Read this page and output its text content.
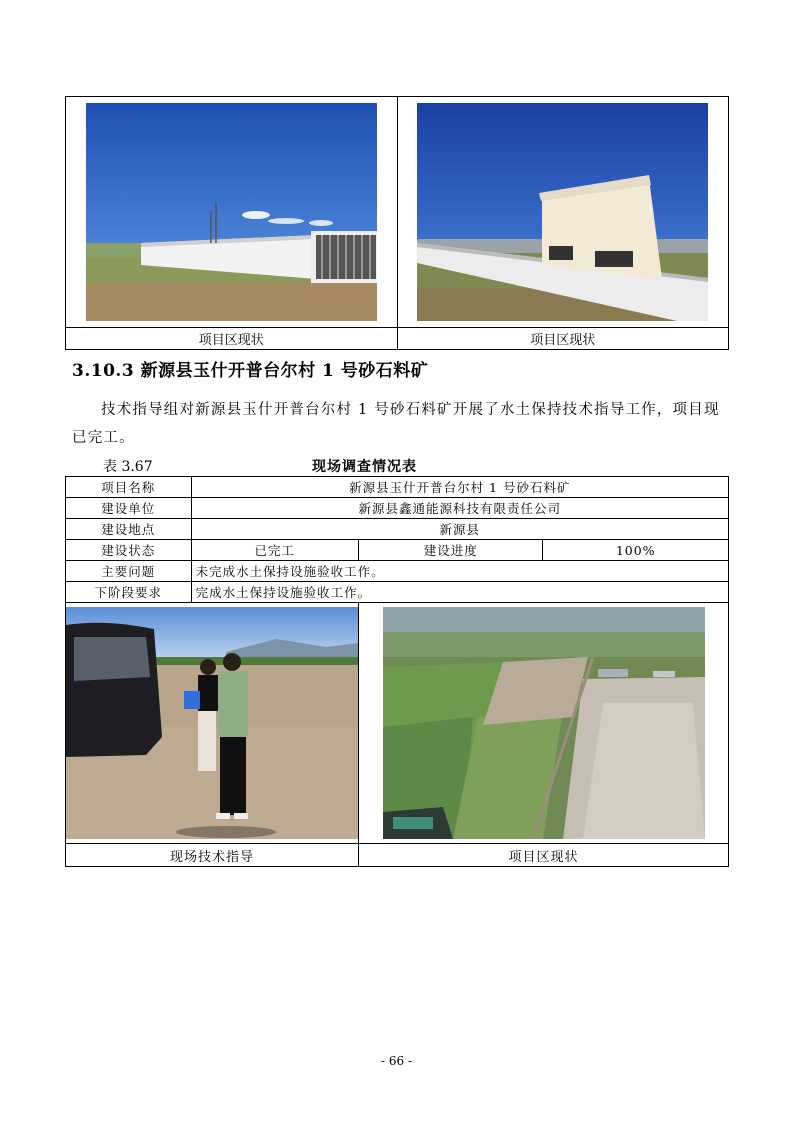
项目区现状	项目区现状
3.10.3 新源县玉什开普台尔村 1 号砂石料矿
技术指导组对新源县玉什开普台尔村 1 号砂石料矿开展了水土保持技术指导工作，项目现已完工。
表 3.67	现场调查情况表
项目名称	新源县玉什开普台尔村 1 号砂石料矿		
建设单位	新源县鑫通能源科技有限责任公司		
建设地点	新源县		
建设状态	已完工	建设进度	100%
主要问题	未完成水土保持设施验收工作。		
下阶段要求	完成水土保持设施验收工作。		

现场技术指导		项目区现状	
- 66 -
